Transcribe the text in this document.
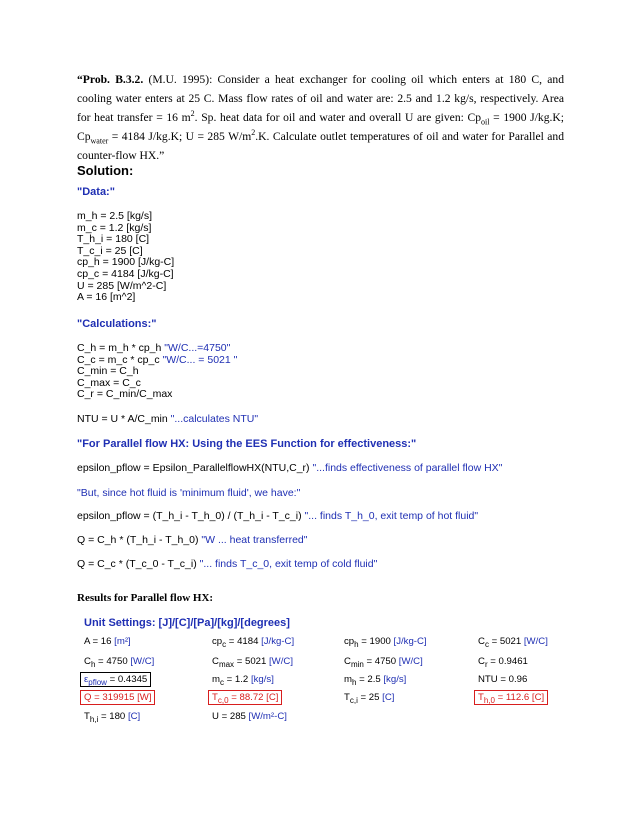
“Prob. B.3.2. (M.U. 1995): Consider a heat exchanger for cooling oil which enters at 180 C, and cooling water enters at 25 C. Mass flow rates of oil and water are: 2.5 and 1.2 kg/s, respectively. Area for heat transfer = 16 $m^2$. Sp. heat data for oil and water and overall U are given: $Cp_{oil} = 1900$ J/kg.K; $Cp_{water} = 4184$ J/kg.K; U = 285 $W/m^2.K$. Calculate outlet temperatures of oil and water for Parallel and counter-flow HX.”
Solution:
"Data:"
m_h = 2.5 [kg/s]
m_c = 1.2 [kg/s]
T_h_i = 180 [C]
T_c_i = 25 [C]
cp_h = 1900 [J/kg-C]
cp_c = 4184 [J/kg-C]
U = 285 [W/m^2-C]
A = 16 [m^2]
"Calculations:"
C_h = m_h * cp_h "W/C...=4750"
C_c = m_c * cp_c "W/C... = 5021 "
C_min = C_h
C_max = C_c
C_r = C_min/C_max
NTU = U * A/C_min "...calculates NTU"
"For Parallel flow HX: Using the EES Function for effectiveness:"
epsilon_pflow = Epsilon_ParallelflowHX(NTU,C_r) "...finds effectiveness of parallel flow HX"
"But, since hot fluid is 'minimum fluid', we have:"
epsilon_pflow = (T_h_i - T_h_0) / (T_h_i - T_c_i) "... finds T_h_0, exit temp of hot fluid"
Q = C_h * (T_h_i - T_h_0) "W ... heat transferred"
Q = C_c * (T_c_0 - T_c_i) "... finds T_c_0, exit temp of cold fluid"
Results for Parallel flow HX:
Unit Settings: [J]/[C]/[Pa]/[kg]/[degrees]
A = 16 [m²]	$cp_c = 4184$ [J/kg-C]	$cp_h = 1900$ [J/kg-C]	$C_c = 5021$ [W/C]
$C_h = 4750$ [W/C]	$C_{max} = 5021$ [W/C]	$C_{min} = 4750$ [W/C]	$C_r = 0.9461$
$\varepsilon_{pflow} = 0.4345$	$m_c = 1.2$ [kg/s]	$m_h = 2.5$ [kg/s]	NTU = 0.96
Q = 319915 [W]	$T_{c,0} = 88.72$ [C]	$T_{c,i} = 25$ [C]	$T_{h,0} = 112.6$ [C]
$T_{h,i} = 180$ [C]	U = 285 [W/m²-C]
